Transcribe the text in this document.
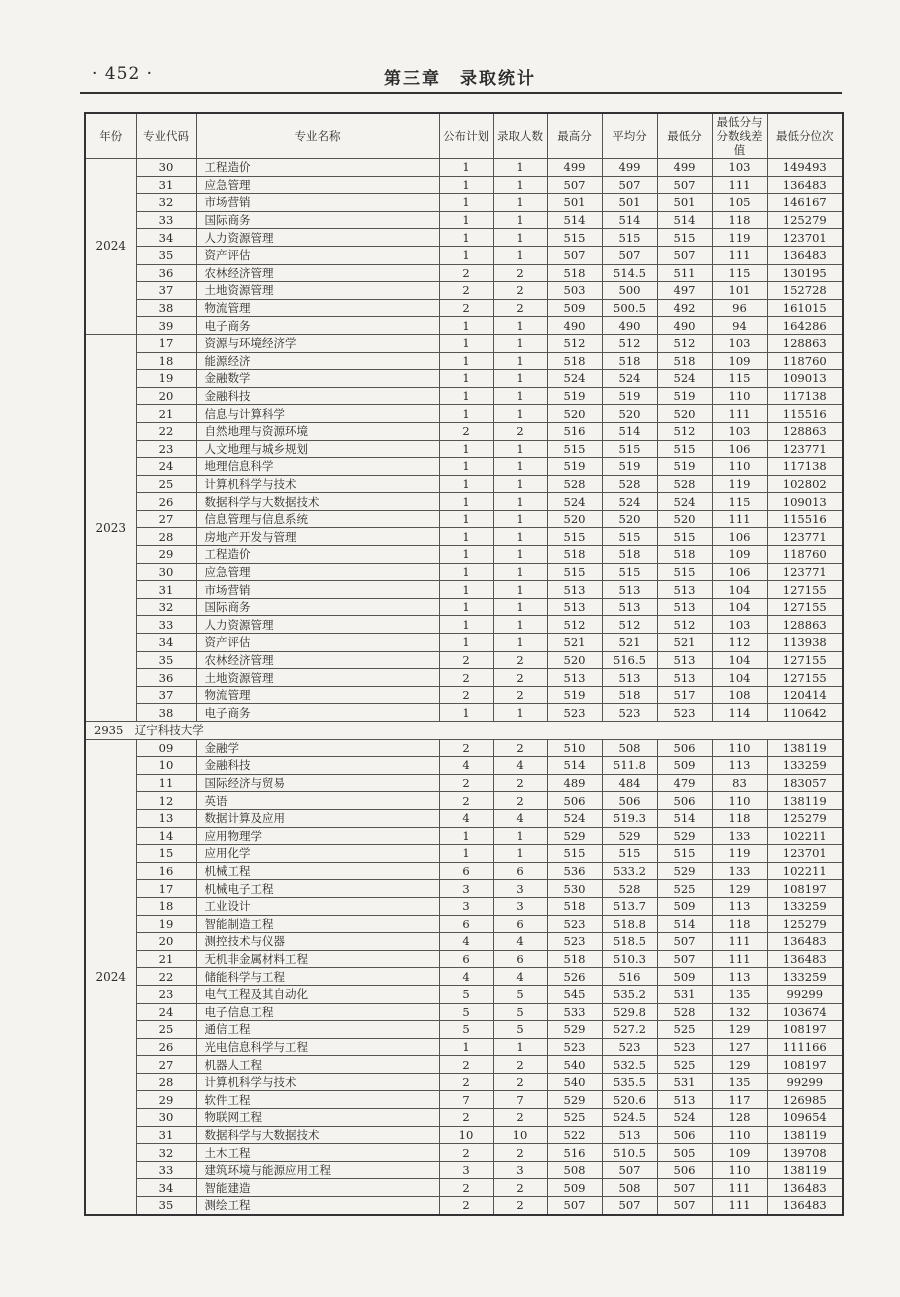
· 452 ·	第三章　录取统计
年份	专业代码	专业名称	公布计划	录取人数	最高分	平均分	最低分	最低分与分数线差值	最低分位次
2024	30	工程造价	1	1	499	499	499	103	149493
	31	应急管理	1	1	507	507	507	111	136483
	32	市场营销	1	1	501	501	501	105	146167
	33	国际商务	1	1	514	514	514	118	125279
	34	人力资源管理	1	1	515	515	515	119	123701
	35	资产评估	1	1	507	507	507	111	136483
	36	农林经济管理	2	2	518	514.5	511	115	130195
	37	土地资源管理	2	2	503	500	497	101	152728
	38	物流管理	2	2	509	500.5	492	96	161015
	39	电子商务	1	1	490	490	490	94	164286
2023	17	资源与环境经济学	1	1	512	512	512	103	128863
	18	能源经济	1	1	518	518	518	109	118760
	19	金融数学	1	1	524	524	524	115	109013
	20	金融科技	1	1	519	519	519	110	117138
	21	信息与计算科学	1	1	520	520	520	111	115516
	22	自然地理与资源环境	2	2	516	514	512	103	128863
	23	人文地理与城乡规划	1	1	515	515	515	106	123771
	24	地理信息科学	1	1	519	519	519	110	117138
	25	计算机科学与技术	1	1	528	528	528	119	102802
	26	数据科学与大数据技术	1	1	524	524	524	115	109013
	27	信息管理与信息系统	1	1	520	520	520	111	115516
	28	房地产开发与管理	1	1	515	515	515	106	123771
	29	工程造价	1	1	518	518	518	109	118760
	30	应急管理	1	1	515	515	515	106	123771
	31	市场营销	1	1	513	513	513	104	127155
	32	国际商务	1	1	513	513	513	104	127155
	33	人力资源管理	1	1	512	512	512	103	128863
	34	资产评估	1	1	521	521	521	112	113938
	35	农林经济管理	2	2	520	516.5	513	104	127155
	36	土地资源管理	2	2	513	513	513	104	127155
	37	物流管理	2	2	519	518	517	108	120414
	38	电子商务	1	1	523	523	523	114	110642
2935　辽宁科技大学									
2024	09	金融学	2	2	510	508	506	110	138119
	10	金融科技	4	4	514	511.8	509	113	133259
	11	国际经济与贸易	2	2	489	484	479	83	183057
	12	英语	2	2	506	506	506	110	138119
	13	数据计算及应用	4	4	524	519.3	514	118	125279
	14	应用物理学	1	1	529	529	529	133	102211
	15	应用化学	1	1	515	515	515	119	123701
	16	机械工程	6	6	536	533.2	529	133	102211
	17	机械电子工程	3	3	530	528	525	129	108197
	18	工业设计	3	3	518	513.7	509	113	133259
	19	智能制造工程	6	6	523	518.8	514	118	125279
	20	测控技术与仪器	4	4	523	518.5	507	111	136483
	21	无机非金属材料工程	6	6	518	510.3	507	111	136483
	22	储能科学与工程	4	4	526	516	509	113	133259
	23	电气工程及其自动化	5	5	545	535.2	531	135	99299
	24	电子信息工程	5	5	533	529.8	528	132	103674
	25	通信工程	5	5	529	527.2	525	129	108197
	26	光电信息科学与工程	1	1	523	523	523	127	111166
	27	机器人工程	2	2	540	532.5	525	129	108197
	28	计算机科学与技术	2	2	540	535.5	531	135	99299
	29	软件工程	7	7	529	520.6	513	117	126985
	30	物联网工程	2	2	525	524.5	524	128	109654
	31	数据科学与大数据技术	10	10	522	513	506	110	138119
	32	土木工程	2	2	516	510.5	505	109	139708
	33	建筑环境与能源应用工程	3	3	508	507	506	110	138119
	34	智能建造	2	2	509	508	507	111	136483
	35	测绘工程	2	2	507	507	507	111	136483
